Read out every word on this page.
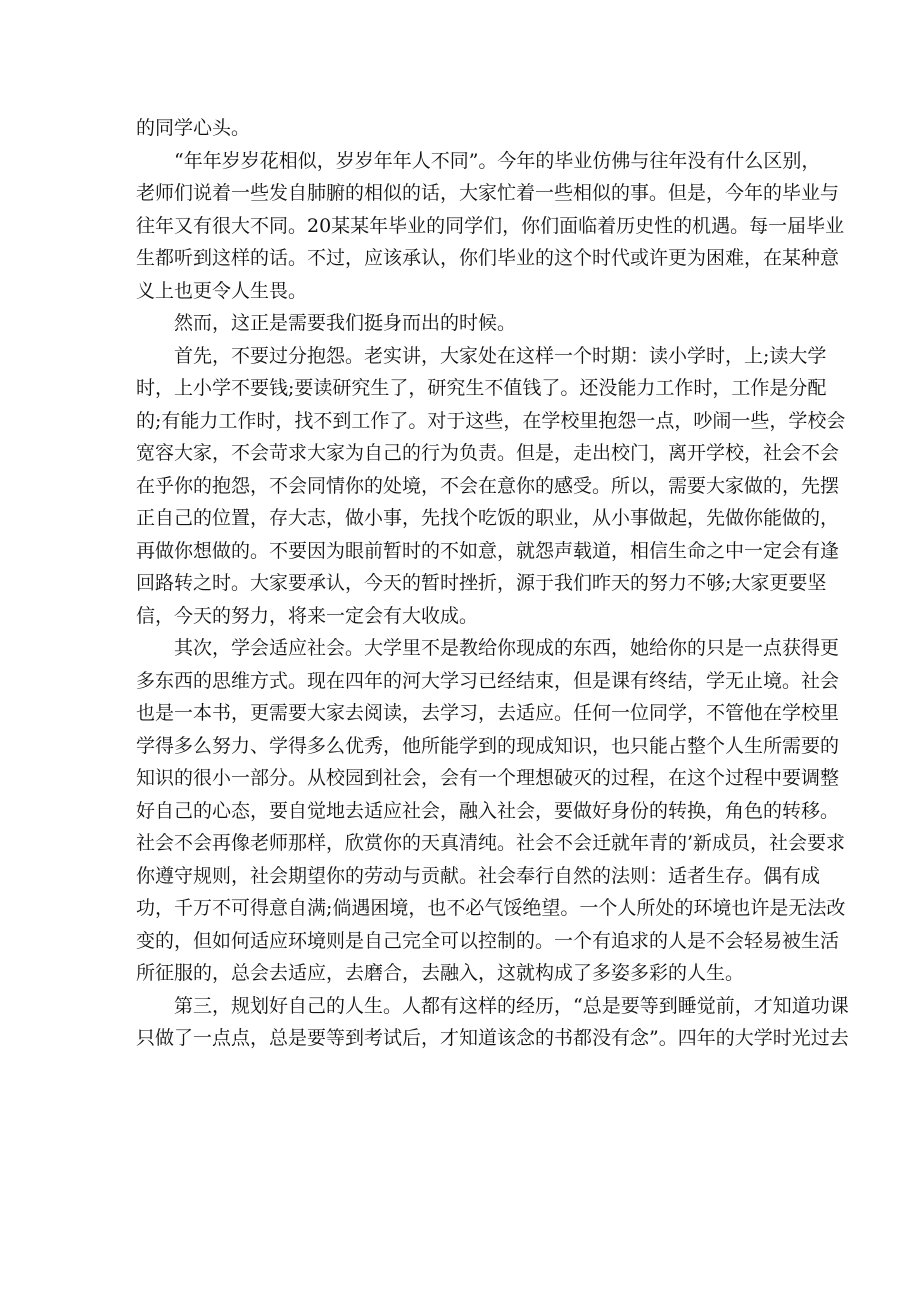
的同学心头。
“年年岁岁花相似，岁岁年年人不同”。今年的毕业仿佛与往年没有什么区别，
老师们说着一些发自肺腑的相似的话，大家忙着一些相似的事。但是，今年的毕业与
往年又有很大不同。20某某年毕业的同学们，你们面临着历史性的机遇。每一届毕业
生都听到这样的话。不过，应该承认，你们毕业的这个时代或许更为困难，在某种意
义上也更令人生畏。
然而，这正是需要我们挺身而出的时候。
首先，不要过分抱怨。老实讲，大家处在这样一个时期：读小学时，上;读大学
时，上小学不要钱;要读研究生了，研究生不值钱了。还没能力工作时，工作是分配
的;有能力工作时，找不到工作了。对于这些，在学校里抱怨一点，吵闹一些，学校会
宽容大家，不会苛求大家为自己的行为负责。但是，走出校门，离开学校，社会不会
在乎你的抱怨，不会同情你的处境，不会在意你的感受。所以，需要大家做的，先摆
正自己的位置，存大志，做小事，先找个吃饭的职业，从小事做起，先做你能做的，
再做你想做的。不要因为眼前暂时的不如意，就怨声载道，相信生命之中一定会有逢
回路转之时。大家要承认，今天的暂时挫折，源于我们昨天的努力不够;大家更要坚
信，今天的努力，将来一定会有大收成。
其次，学会适应社会。大学里不是教给你现成的东西，她给你的只是一点获得更
多东西的思维方式。现在四年的河大学习已经结束，但是课有终结，学无止境。社会
也是一本书，更需要大家去阅读，去学习，去适应。任何一位同学，不管他在学校里
学得多么努力、学得多么优秀，他所能学到的现成知识，也只能占整个人生所需要的
知识的很小一部分。从校园到社会，会有一个理想破灭的过程，在这个过程中要调整
好自己的心态，要自觉地去适应社会，融入社会，要做好身份的转换，角色的转移。
社会不会再像老师那样，欣赏你的天真清纯。社会不会迁就年青的’新成员，社会要求
你遵守规则，社会期望你的劳动与贡献。社会奉行自然的法则：适者生存。偶有成
功，千万不可得意自满;倘遇困境，也不必气馁绝望。一个人所处的环境也许是无法改
变的，但如何适应环境则是自己完全可以控制的。一个有追求的人是不会轻易被生活
所征服的，总会去适应，去磨合，去融入，这就构成了多姿多彩的人生。
第三，规划好自己的人生。人都有这样的经历，“总是要等到睡觉前，才知道功课
只做了一点点，总是要等到考试后，才知道该念的书都没有念”。四年的大学时光过去
